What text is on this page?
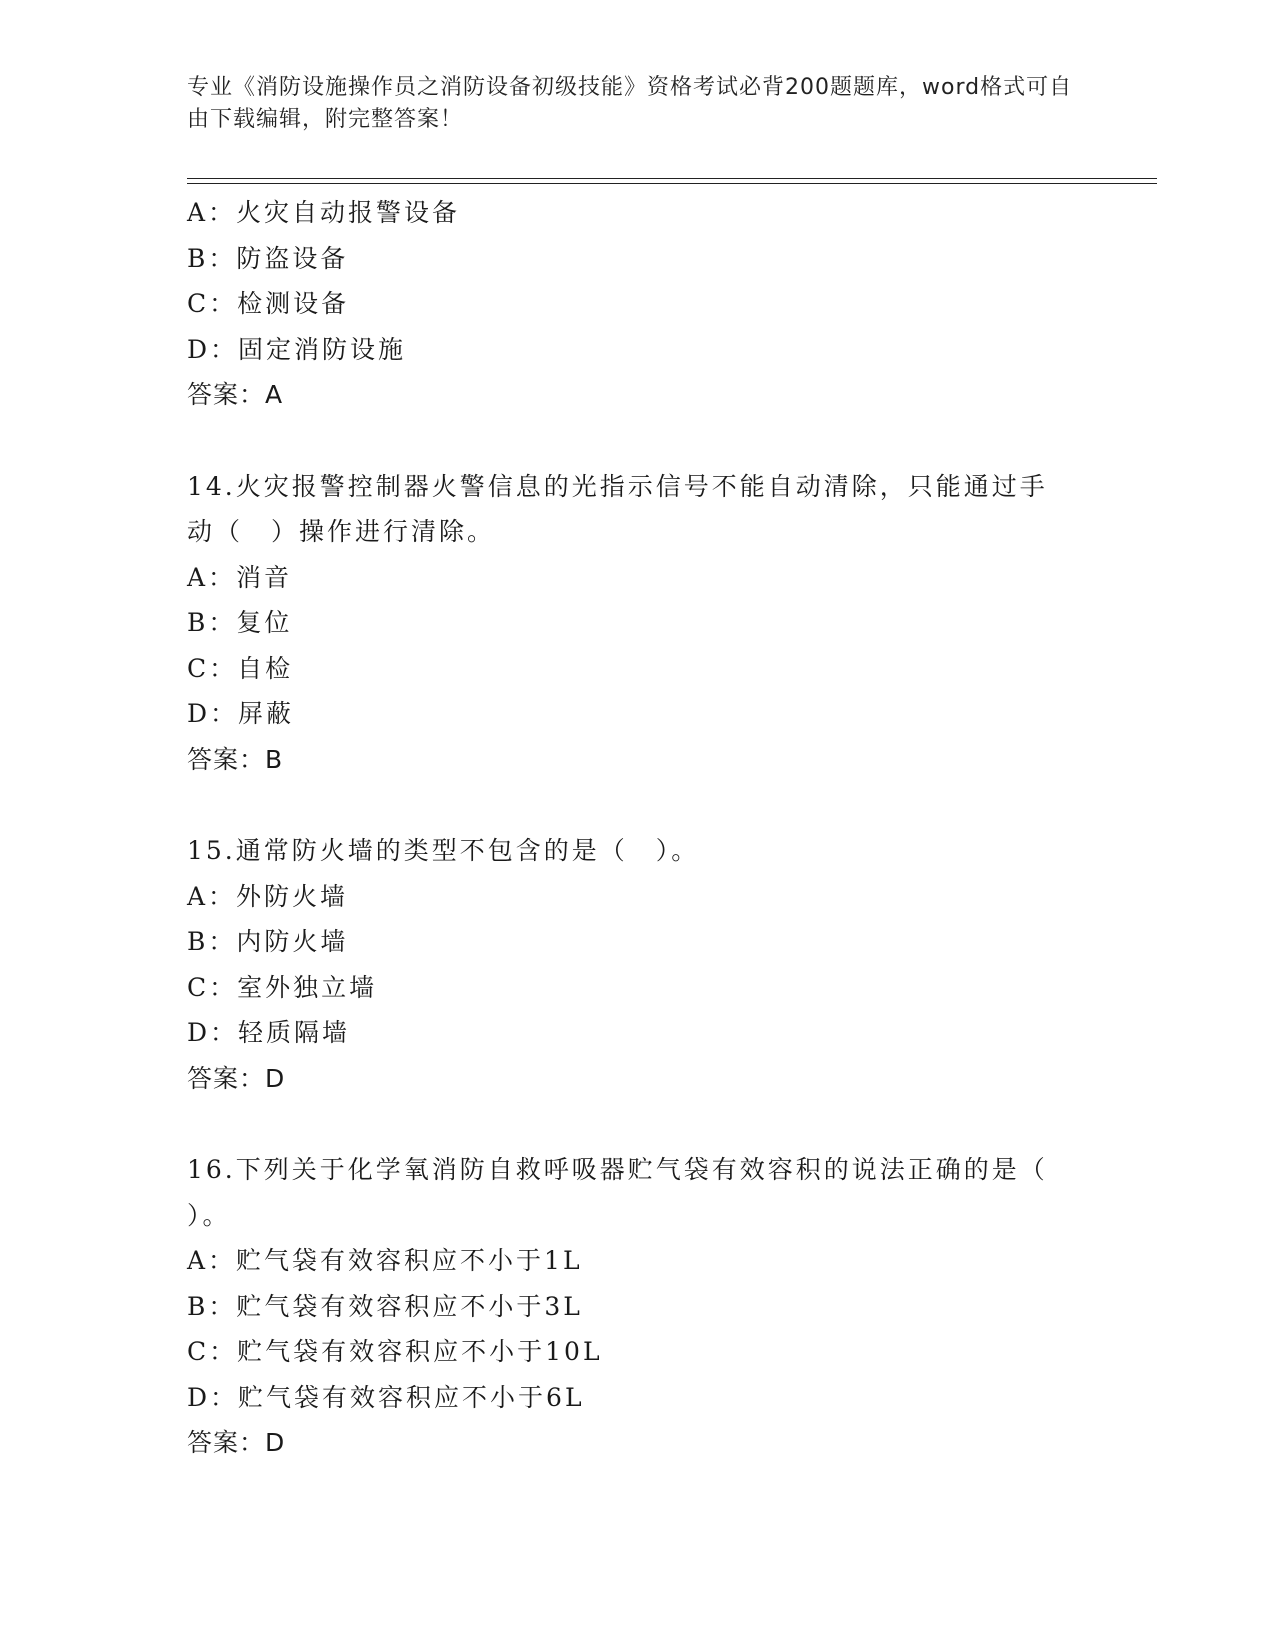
专业《消防设施操作员之消防设备初级技能》资格考试必背200题题库，word格式可自由下载编辑，附完整答案！
A：火灾自动报警设备
B：防盗设备
C：检测设备
D：固定消防设施
答案：A
14.火灾报警控制器火警信息的光指示信号不能自动清除，只能通过手
动（　）操作进行清除。
A：消音
B：复位
C：自检
D：屏蔽
答案：B
15.通常防火墙的类型不包含的是（　）。
A：外防火墙
B：内防火墙
C：室外独立墙
D：轻质隔墙
答案：D
16.下列关于化学氧消防自救呼吸器贮气袋有效容积的说法正确的是（
）。
A：贮气袋有效容积应不小于1L
B：贮气袋有效容积应不小于3L
C：贮气袋有效容积应不小于10L
D：贮气袋有效容积应不小于6L
答案：D
